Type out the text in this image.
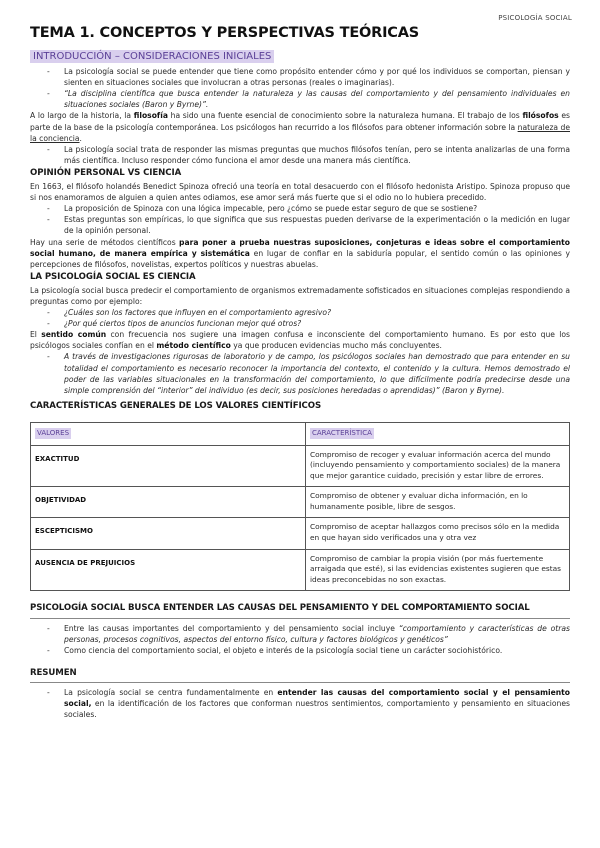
PSICOLOGÍA SOCIAL
TEMA 1. CONCEPTOS Y PERSPECTIVAS TEÓRICAS
INTRODUCCIÓN – CONSIDERACIONES INICIALES
- La psicología social se puede entender que tiene como propósito entender cómo y por qué los individuos se comportan, piensan y sienten en situaciones sociales que involucran a otras personas (reales o imaginarias).
- “La disciplina científica que busca entender la naturaleza y las causas del comportamiento y del pensamiento individuales en situaciones sociales (Baron y Byrne)”.

A lo largo de la historia, la filosofía ha sido una fuente esencial de conocimiento sobre la naturaleza humana. El trabajo de los filósofos es parte de la base de la psicología contemporánea. Los psicólogos han recurrido a los filósofos para obtener información sobre la naturaleza de la conciencia.

- La psicología social trata de responder las mismas preguntas que muchos filósofos tenían, pero se intenta analizarlas de una forma más científica. Incluso responder cómo funciona el amor desde una manera más científica.
OPINIÓN PERSONAL VS CIENCIA

En 1663, el filósofo holandés Benedict Spinoza ofreció una teoría en total desacuerdo con el filósofo hedonista Aristipo. Spinoza propuso que si nos enamoramos de alguien a quien antes odiamos, ese amor será más fuerte que si el odio no lo hubiera precedido.

- La proposición de Spinoza con una lógica impecable, pero ¿cómo se puede estar seguro de que se sostiene?
- Estas preguntas son empíricas, lo que significa que sus respuestas pueden derivarse de la experimentación o la medición en lugar de la opinión personal.

Hay una serie de métodos científicos para poner a prueba nuestras suposiciones, conjeturas e ideas sobre el comportamiento social humano, de manera empírica y sistemática en lugar de confiar en la sabiduría popular, el sentido común o las opiniones y percepciones de filósofos, novelistas, expertos políticos y nuestras abuelas.

LA PSICOLOGÍA SOCIAL ES CIENCIA

La psicología social busca predecir el comportamiento de organismos extremadamente sofisticados en situaciones complejas respondiendo a preguntas como por ejemplo:

- ¿Cuáles son los factores que influyen en el comportamiento agresivo?
- ¿Por qué ciertos tipos de anuncios funcionan mejor qué otros?

El sentido común con frecuencia nos sugiere una imagen confusa e inconsciente del comportamiento humano. Es por esto que los psicólogos sociales confían en el método científico ya que producen evidencias mucho más concluyentes.

- A través de investigaciones rigurosas de laboratorio y de campo, los psicólogos sociales han demostrado que para entender en su totalidad el comportamiento es necesario reconocer la importancia del contexto, el contenido y la cultura. Hemos demostrado el poder de las variables situacionales en la transformación del comportamiento, lo que difícilmente podría predecirse desde una simple comprensión del “interior” del individuo (es decir, sus posiciones heredadas o aprendidas)” (Baron y Byrne).
CARACTERÍSTICAS GENERALES DE LOS VALORES CIENTÍFICOS
VALORES	CARACTERÍSTICA
EXACTITUD	Compromiso de recoger y evaluar información acerca del mundo (incluyendo pensamiento y comportamiento sociales) de la manera que mejor garantice cuidado, precisión y estar libre de errores.
OBJETIVIDAD	Compromiso de obtener y evaluar dicha información, en lo humanamente posible, libre de sesgos.
ESCEPTICISMO	Compromiso de aceptar hallazgos como precisos sólo en la medida en que hayan sido verificados una y otra vez
AUSENCIA DE PREJUICIOS	Compromiso de cambiar la propia visión (por más fuertemente arraigada que esté), si las evidencias existentes sugieren que estas ideas preconcebidas no son exactas.
PSICOLOGÍA SOCIAL BUSCA ENTENDER LAS CAUSAS DEL PENSAMIENTO Y DEL COMPORTAMIENTO SOCIAL
- Entre las causas importantes del comportamiento y del pensamiento social incluye “comportamiento y características de otras personas, procesos cognitivos, aspectos del entorno físico, cultura y factores biológicos y genéticos”
- Como ciencia del comportamiento social, el objeto e interés de la psicología social tiene un carácter sociohistórico.
RESUMEN
- La psicología social se centra fundamentalmente en entender las causas del comportamiento social y el pensamiento social, en la identificación de los factores que conforman nuestros sentimientos, comportamiento y pensamiento en situaciones sociales.
